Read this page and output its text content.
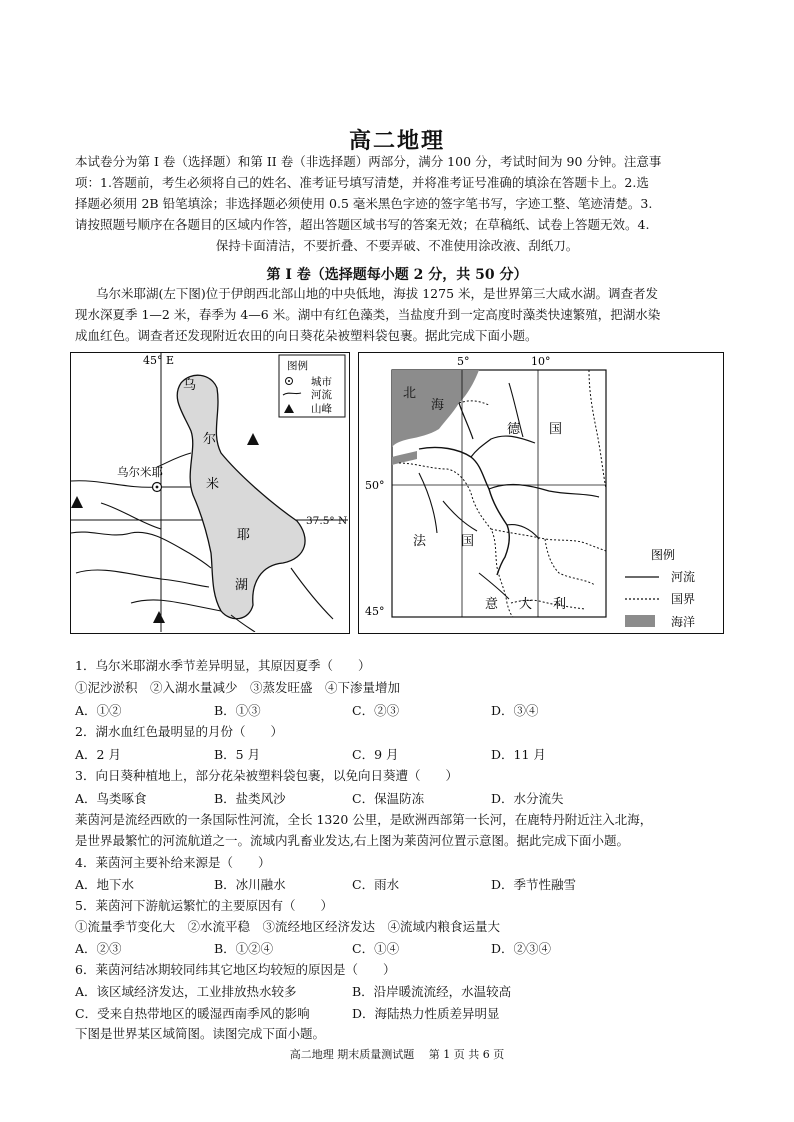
高二地理
本试卷分为第 I 卷（选择题）和第 II 卷（非选择题）两部分，满分 100 分，考试时间为 90 分钟。注意事
项：1.答题前，考生必须将自己的姓名、准考证号填写清楚，并将准考证号准确的填涂在答题卡上。2.选
择题必须用 2B 铅笔填涂；非选择题必须使用 0.5 毫米黑色字迹的签字笔书写，字迹工整、笔迹清楚。3.
请按照题号顺序在各题目的区域内作答，超出答题区域书写的答案无效；在草稿纸、试卷上答题无效。4.
保持卡面清洁，不要折叠、不要弄破、不准使用涂改液、刮纸刀。
第 I 卷（选择题每小题 2 分，共 50 分）
乌尔米耶湖(左下图)位于伊朗西北部山地的中央低地，海拔 1275 米，是世界第三大咸水湖。调查者发
现水深夏季 1—2 米，春季为 4—6 米。湖中有红色藻类，当盐度升到一定高度时藻类快速繁殖，把湖水染
成血红色。调查者还发现附近农田的向日葵花朵被塑料袋包裹。据此完成下面小题。
45° E
乌尔米耶
37.5° N
乌
尔
米
耶
湖
图例
城市
河流
山峰
5°	10°
50°
45°
北
海
德 国
法	国
意 大 利
图例
河流
国界
海洋
1．乌尔米耶湖水季节差异明显，其原因夏季（　　）
①泥沙淤积　②入湖水量减少　③蒸发旺盛　④下渗量增加
A．①②	B．①③	C．②③	D．③④
2．湖水血红色最明显的月份（　　）
A．2 月	B．5 月	C．9 月	D．11 月
3．向日葵种植地上，部分花朵被塑料袋包裹，以免向日葵遭（　　）
A．鸟类啄食	B．盐类风沙	C．保温防冻	D．水分流失
莱茵河是流经西欧的一条国际性河流，全长 1320 公里，是欧洲西部第一长河，在鹿特丹附近注入北海，
是世界最繁忙的河流航道之一。流域内乳畜业发达,右上图为莱茵河位置示意图。据此完成下面小题。
4．莱茵河主要补给来源是（　　）
A．地下水	B．冰川融水	C．雨水	D．季节性融雪
5．莱茵河下游航运繁忙的主要原因有（　　）
①流量季节变化大　②水流平稳　③流经地区经济发达　④流域内粮食运量大
A．②③	B．①②④	C．①④	D．②③④
6．莱茵河结冰期较同纬其它地区均较短的原因是（　　）
A．该区域经济发达，工业排放热水较多	B．沿岸暖流流经，水温较高
C．受来自热带地区的暖湿西南季风的影响	D．海陆热力性质差异明显
下图是世界某区域简图。读图完成下面小题。
高二地理 期末质量测试题　 第 1 页 共 6 页
